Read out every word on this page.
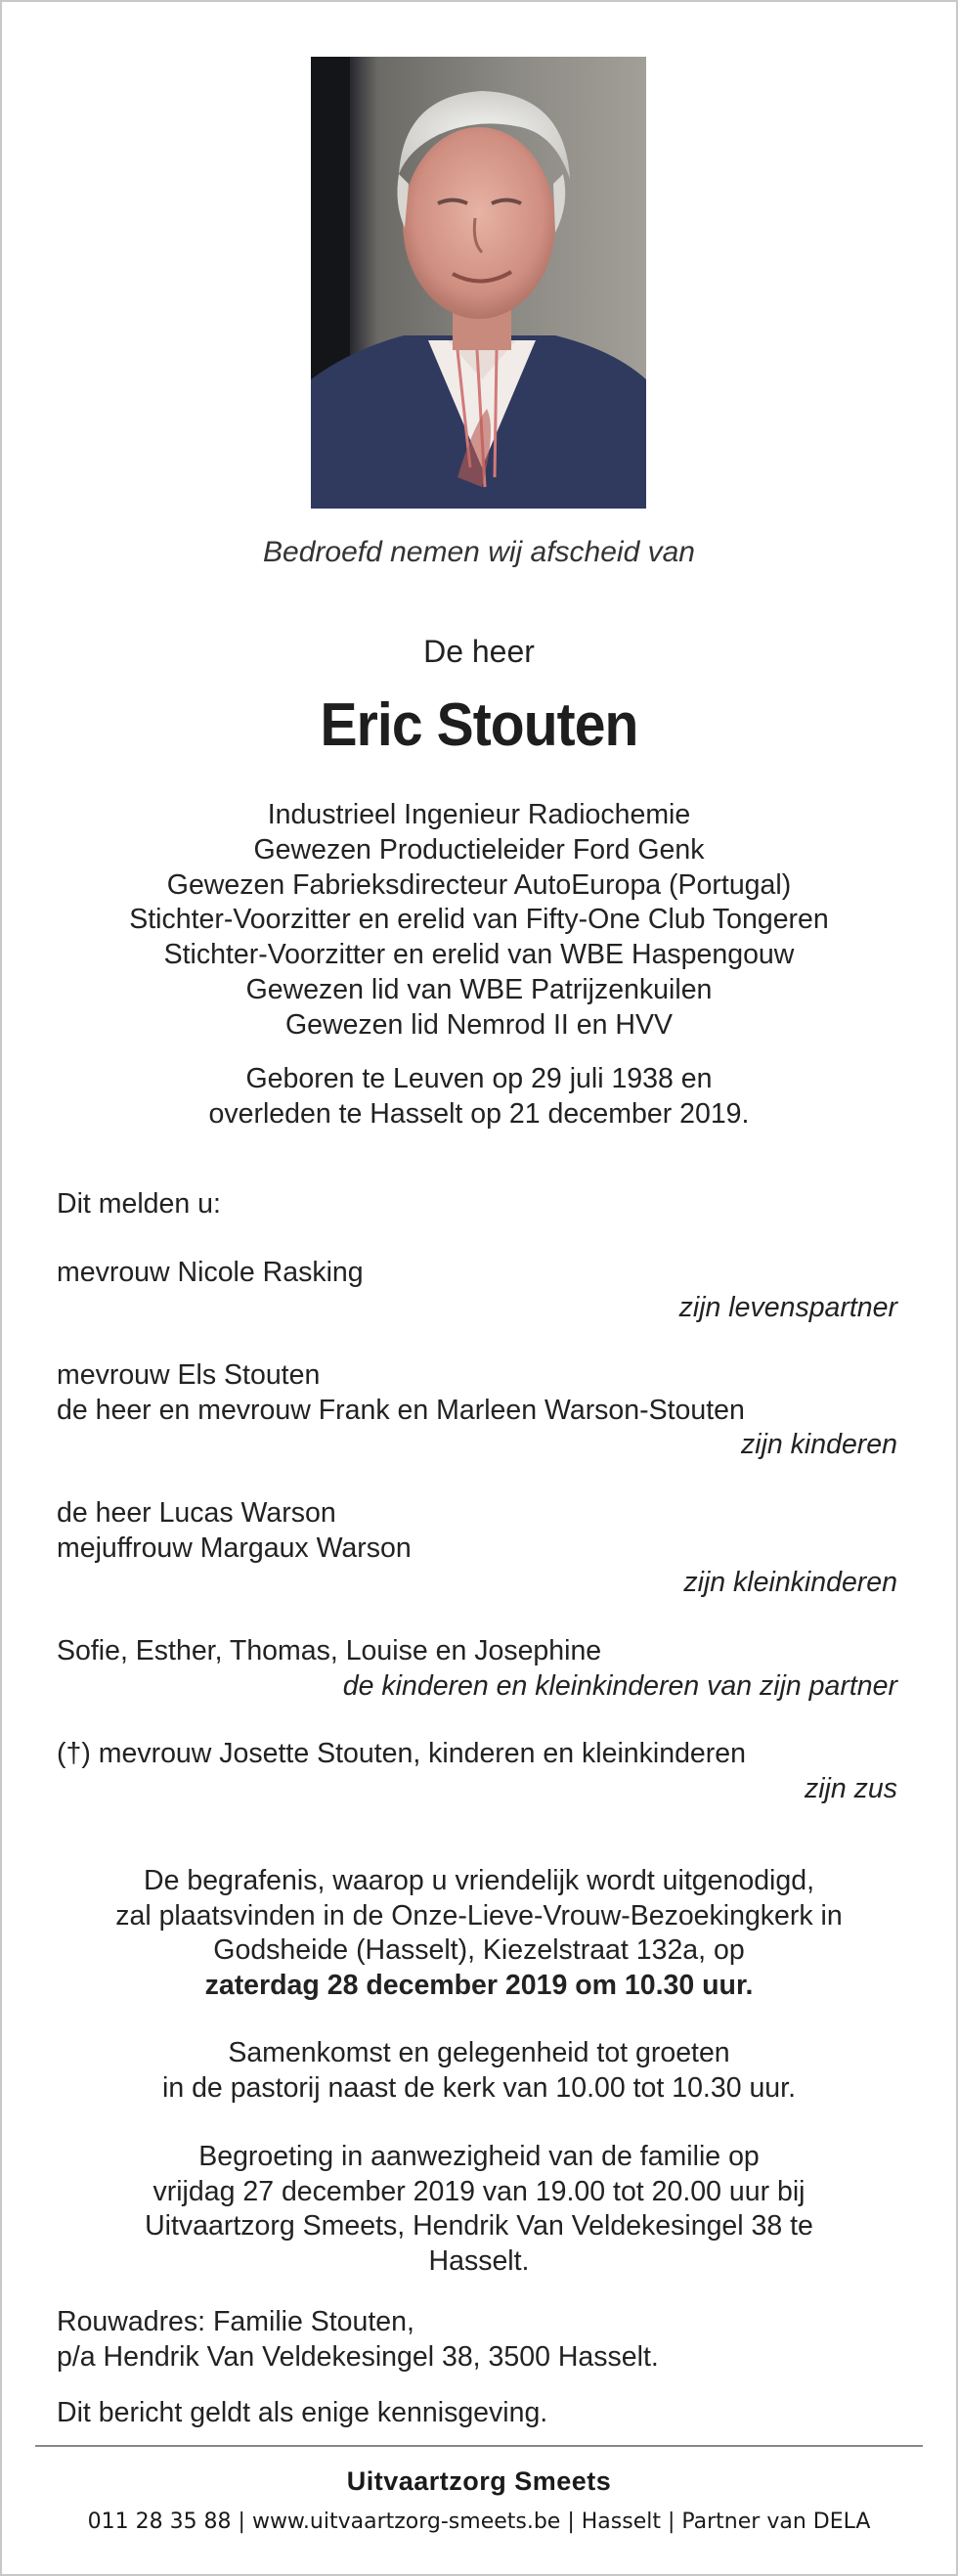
Bedroefd nemen wij afscheid van

De heer

Eric Stouten

Industrieel Ingenieur Radiochemie
Gewezen Productieleider Ford Genk
Gewezen Fabrieksdirecteur AutoEuropa (Portugal)
Stichter-Voorzitter en erelid van Fifty-One Club Tongeren
Stichter-Voorzitter en erelid van WBE Haspengouw
Gewezen lid van WBE Patrijzenkuilen
Gewezen lid Nemrod II en HVV
Geboren te Leuven op 29 juli 1938 en
overleden te Hasselt op 21 december 2019.
Dit melden u:
mevrouw Nicole Rasking
zijn levenspartner
mevrouw Els Stouten
de heer en mevrouw Frank en Marleen Warson-Stouten
zijn kinderen
de heer Lucas Warson
mejuffrouw Margaux Warson
zijn kleinkinderen
Sofie, Esther, Thomas, Louise en Josephine
de kinderen en kleinkinderen van zijn partner
(†) mevrouw Josette Stouten, kinderen en kleinkinderen
zijn zus
De begrafenis, waarop u vriendelijk wordt uitgenodigd,
zal plaatsvinden in de Onze-Lieve-Vrouw-Bezoekingkerk in
Godsheide (Hasselt), Kiezelstraat 132a, op
zaterdag 28 december 2019 om 10.30 uur.
Samenkomst en gelegenheid tot groeten
in de pastorij naast de kerk van 10.00 tot 10.30 uur.
Begroeting in aanwezigheid van de familie op
vrijdag 27 december 2019 van 19.00 tot 20.00 uur bij
Uitvaartzorg Smeets, Hendrik Van Veldekesingel 38 te
Hasselt.
Rouwadres: Familie Stouten,
p/a Hendrik Van Veldekesingel 38, 3500 Hasselt.
Dit bericht geldt als enige kennisgeving.

Uitvaartzorg Smeets

011 28 35 88 | www.uitvaartzorg-smeets.be | Hasselt | Partner van DELA
